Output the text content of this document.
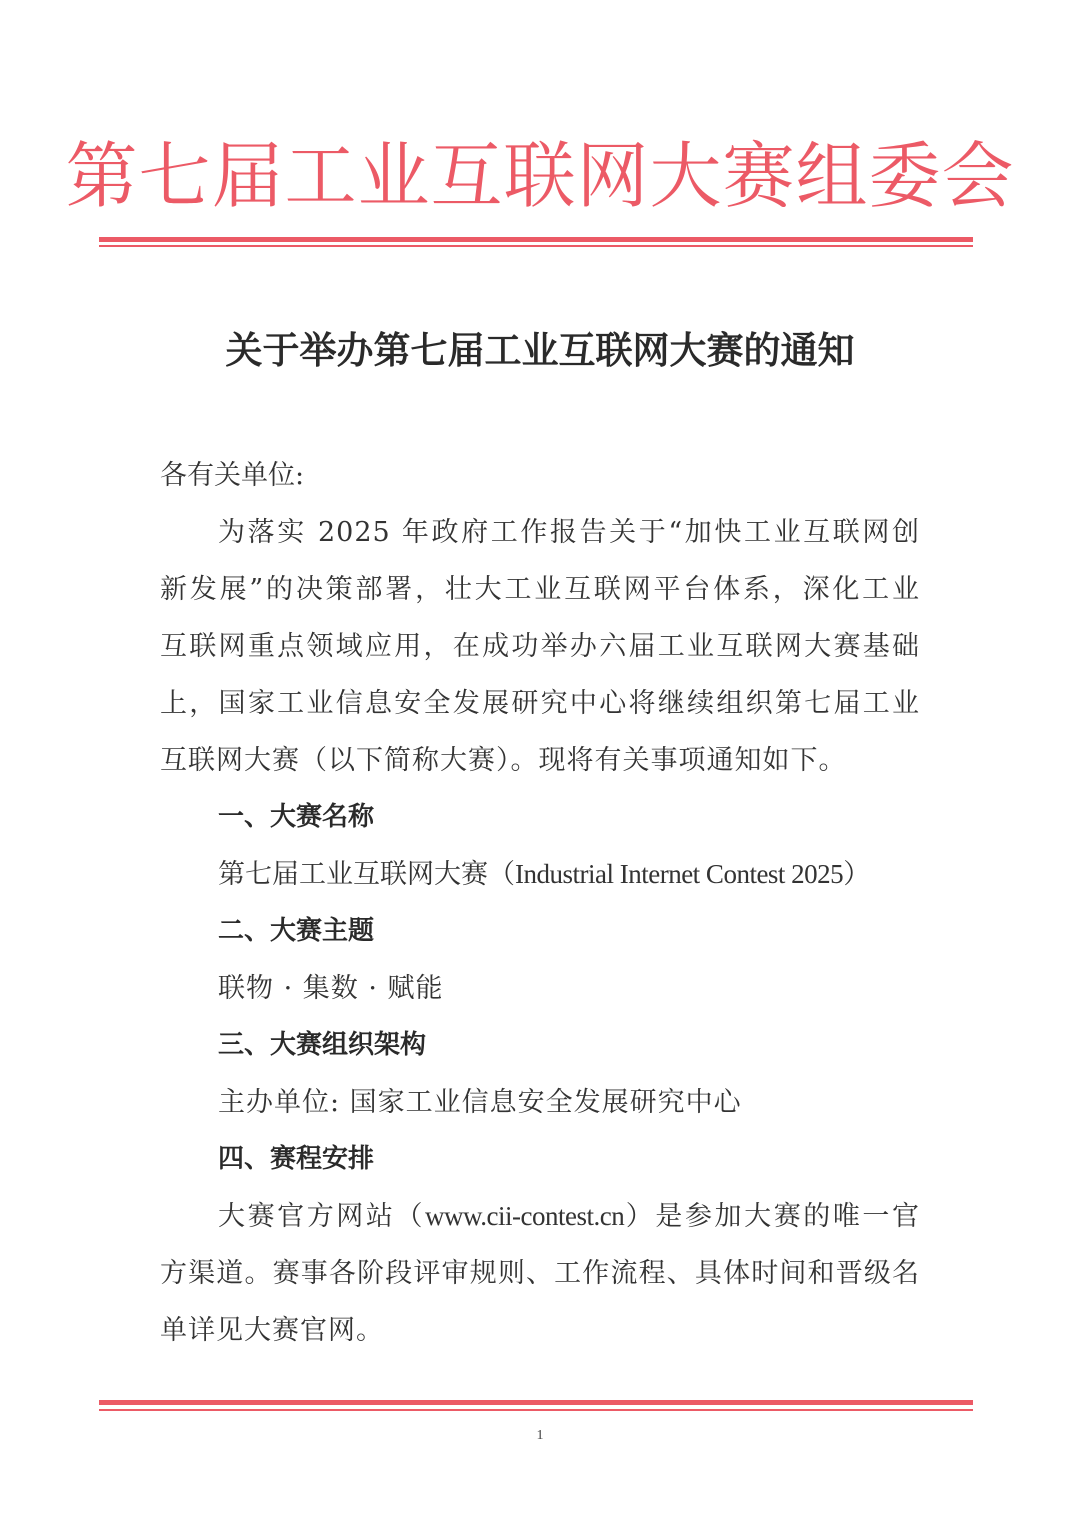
第七届工业互联网大赛组委会
关于举办第七届工业互联网大赛的通知
各有关单位:
为落实 2025 年政府工作报告关于“加快工业互联网创
新发展”的决策部署，壮大工业互联网平台体系，深化工业
互联网重点领域应用，在成功举办六届工业互联网大赛基础
上，国家工业信息安全发展研究中心将继续组织第七届工业
互联网大赛（以下简称大赛）。现将有关事项通知如下。
一、大赛名称
第七届工业互联网大赛（Industrial Internet Contest 2025）
二、大赛主题
联物 · 集数 · 赋能
三、大赛组织架构
主办单位: 国家工业信息安全发展研究中心
四、赛程安排
大赛官方网站（www.cii-contest.cn）是参加大赛的唯一官
方渠道。赛事各阶段评审规则、工作流程、具体时间和晋级名
单详见大赛官网。
1
